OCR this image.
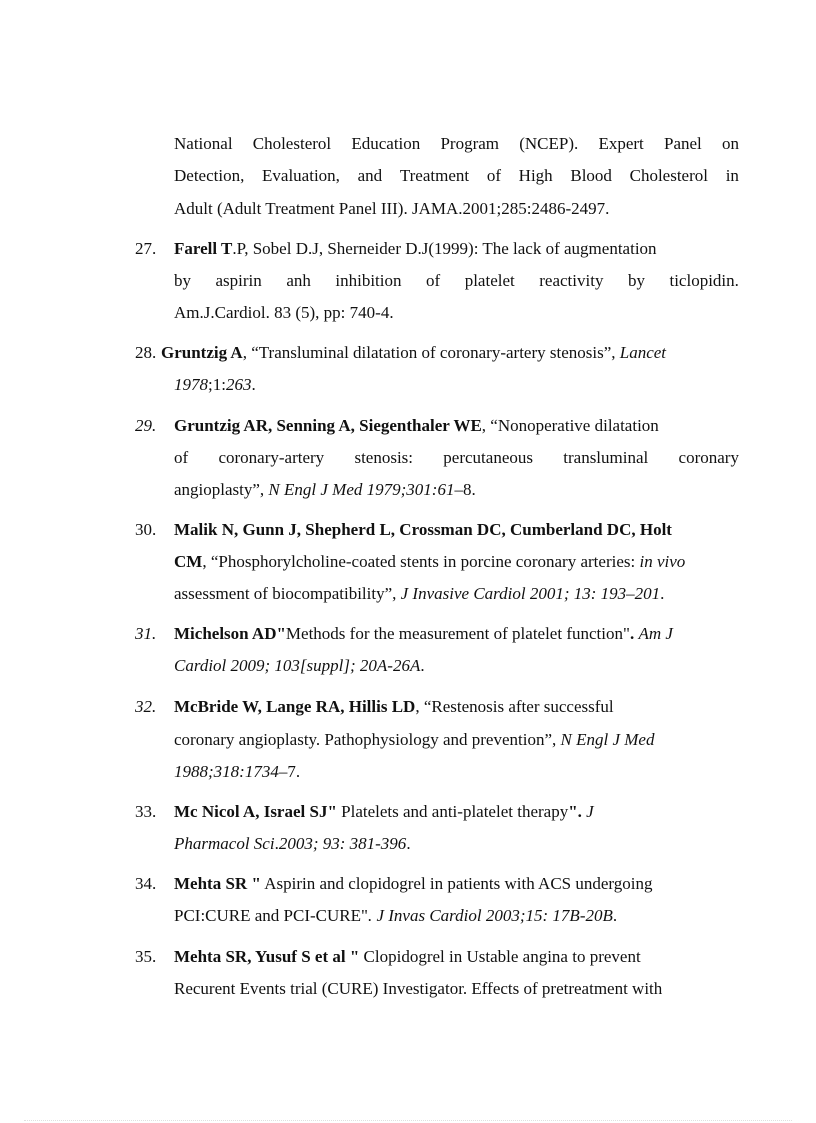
National Cholesterol Education Program (NCEP). Expert Panel on
Detection, Evaluation, and Treatment of High Blood Cholesterol in
Adult (Adult Treatment Panel III). JAMA.2001;285:2486-2497.
27. Farell T.P, Sobel D.J, Sherneider D.J(1999): The lack of augmentation
by aspirin anh inhibition of platelet reactivity by ticlopidin.
Am.J.Cardiol. 83 (5), pp: 740-4.
28. Gruntzig A, “Transluminal dilatation of coronary-artery stenosis”, Lancet
1978;1:263.
29. Gruntzig AR, Senning A, Siegenthaler WE, “Nonoperative dilatation
of coronary-artery stenosis: percutaneous transluminal coronary
angioplasty”, N Engl J Med 1979;301:61–8.
30. Malik N, Gunn J, Shepherd L, Crossman DC, Cumberland DC, Holt
CM, “Phosphorylcholine-coated stents in porcine coronary arteries: in vivo
assessment of biocompatibility”, J Invasive Cardiol 2001; 13: 193–201.
31. Michelson AD"Methods for the measurement of platelet function". Am J
Cardiol 2009; 103[suppl]; 20A-26A.
32. McBride W, Lange RA, Hillis LD, “Restenosis after successful
coronary angioplasty. Pathophysiology and prevention”, N Engl J Med
1988;318:1734–7.
33. Mc Nicol A, Israel SJ" Platelets and anti-platelet therapy". J
Pharmacol Sci.2003; 93: 381-396.
34. Mehta SR " Aspirin and clopidogrel in patients with ACS undergoing
PCI:CURE and PCI-CURE". J Invas Cardiol 2003;15: 17B-20B.
35. Mehta SR, Yusuf S et al " Clopidogrel in Ustable angina to prevent
Recurent Events trial (CURE) Investigator. Effects of pretreatment with
